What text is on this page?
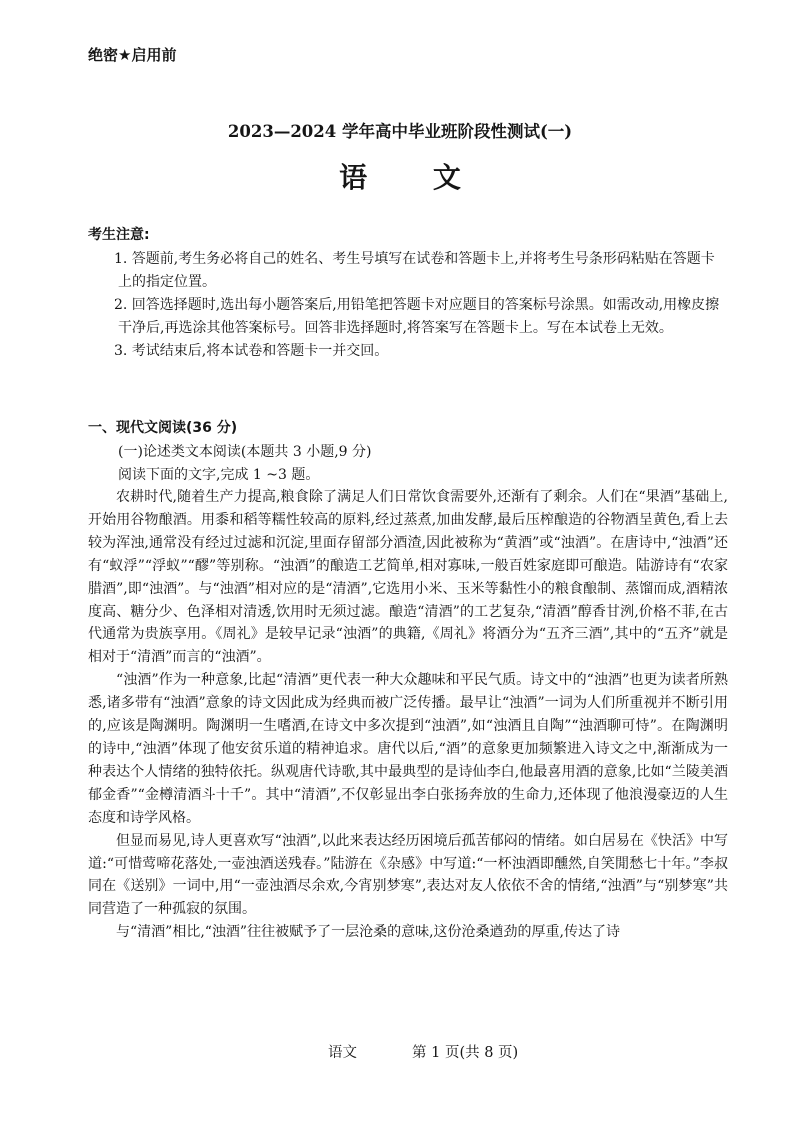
绝密★启用前
2023—2024 学年高中毕业班阶段性测试(一)
语 文
考生注意:

1. 答题前,考生务必将自己的姓名、考生号填写在试卷和答题卡上,并将考生号条形码粘贴在答题卡上的指定位置。

2. 回答选择题时,选出每小题答案后,用铅笔把答题卡对应题目的答案标号涂黑。如需改动,用橡皮擦干净后,再选涂其他答案标号。回答非选择题时,将答案写在答题卡上。写在本试卷上无效。

3. 考试结束后,将本试卷和答题卡一并交回。

一、现代文阅读(36 分)
(一)论述类文本阅读(本题共 3 小题,9 分)
阅读下面的文字,完成 1 ~3 题。

农耕时代,随着生产力提高,粮食除了满足人们日常饮食需要外,还渐有了剩余。人们在“果酒”基础上,开始用谷物酿酒。用黍和稻等糯性较高的原料,经过蒸煮,加曲发酵,最后压榨酿造的谷物酒呈黄色,看上去较为浑浊,通常没有经过过滤和沉淀,里面存留部分酒渣,因此被称为“黄酒”或“浊酒”。在唐诗中,“浊酒”还有“蚁浮”“浮蚁”“醪”等别称。“浊酒”的酿造工艺简单,相对寡味,一般百姓家庭即可酿造。陆游诗有“农家腊酒”,即“浊酒”。与“浊酒”相对应的是“清酒”,它选用小米、玉米等黏性小的粮食酿制、蒸馏而成,酒精浓度高、糖分少、色泽相对清透,饮用时无须过滤。酿造“清酒”的工艺复杂,“清酒”醇香甘洌,价格不菲,在古代通常为贵族享用。《周礼》是较早记录“浊酒”的典籍,《周礼》将酒分为“五齐三酒”,其中的“五齐”就是相对于“清酒”而言的“浊酒”。

“浊酒”作为一种意象,比起“清酒”更代表一种大众趣味和平民气质。诗文中的“浊酒”也更为读者所熟悉,诸多带有“浊酒”意象的诗文因此成为经典而被广泛传播。最早让“浊酒”一词为人们所重视并不断引用的,应该是陶渊明。陶渊明一生嗜酒,在诗文中多次提到“浊酒”,如“浊酒且自陶”“浊酒聊可恃”。在陶渊明的诗中,“浊酒”体现了他安贫乐道的精神追求。唐代以后,“酒”的意象更加频繁进入诗文之中,渐渐成为一种表达个人情绪的独特依托。纵观唐代诗歌,其中最典型的是诗仙李白,他最喜用酒的意象,比如“兰陵美酒郁金香”“金樽清酒斗十千”。其中“清酒”,不仅彰显出李白张扬奔放的生命力,还体现了他浪漫豪迈的人生态度和诗学风格。

但显而易见,诗人更喜欢写“浊酒”,以此来表达经历困境后孤苦郁闷的情绪。如白居易在《快活》中写道:“可惜莺啼花落处,一壶浊酒送残春。”陆游在《杂感》中写道:“一杯浊酒即醺然,自笑閒愁七十年。”李叔同在《送别》一词中,用“一壶浊酒尽余欢,今宵别梦寒”,表达对友人依依不舍的情绪,“浊酒”与“别梦寒”共同营造了一种孤寂的氛围。

与“清酒”相比,“浊酒”往往被赋予了一层沧桑的意味,这份沧桑遒劲的厚重,传达了诗

语文	第 1 页(共 8 页)
